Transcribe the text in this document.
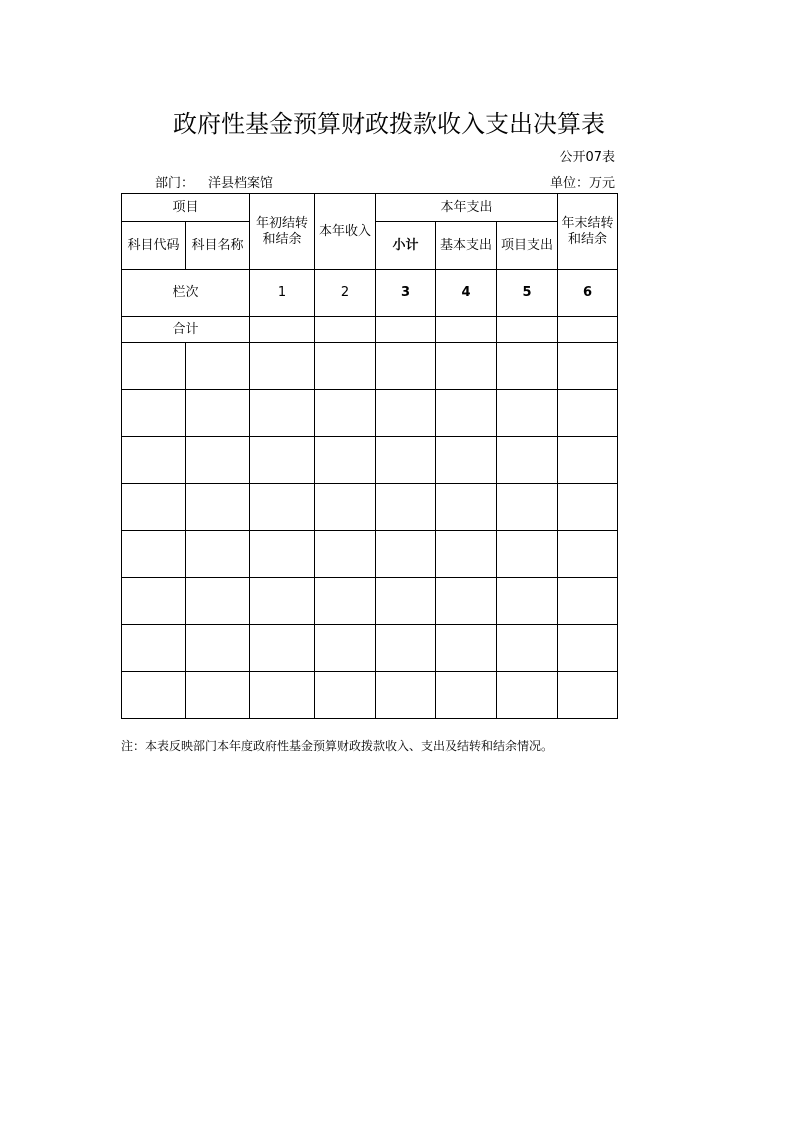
政府性基金预算财政拨款收入支出决算表
公开07表
部门： 洋县档案馆	单位：万元
项目		年初结转和结余	本年收入	本年支出			年末结转和结余
科目代码	科目名称			小计	基本支出	项目支出	
栏次		1	2	3	4	5	6
合计							

注：本表反映部门本年度政府性基金预算财政拨款收入、支出及结转和结余情况。
